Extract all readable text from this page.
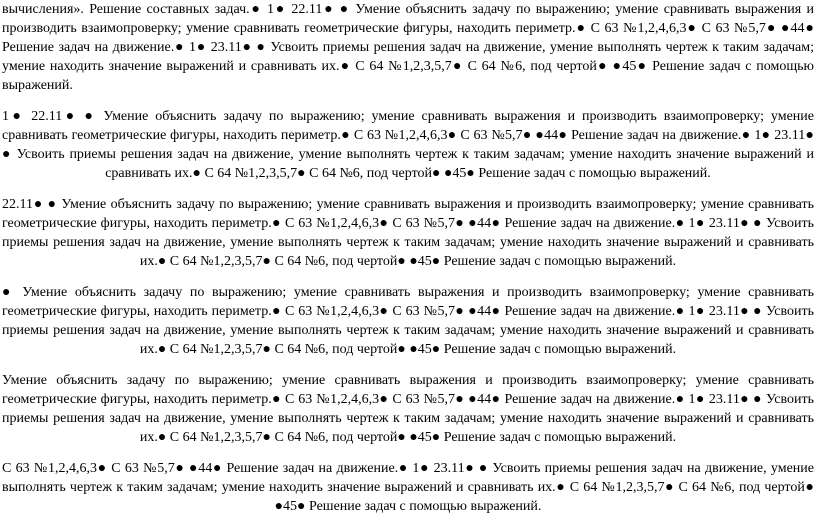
вычисления». Решение составных задач.● 1● 22.11● ● Умение объяснить задачу по выражению; умение сравнивать выражения и производить взаимопроверку; умение сравнивать геометрические фигуры, находить периметр.● С 63 №1,2,4,6,3● С 63 №5,7● ●44● Решение задач на движение.● 1● 23.11● ● Усвоить приемы решения задач на движение, умение выполнять чертеж к таким задачам; умение находить значение выражений и сравнивать их.● С 64 №1,2,3,5,7● С 64 №6, под чертой● ●45● Решение задач с помощью выражений.

1● 22.11● ● Умение объяснить задачу по выражению; умение сравнивать выражения и производить взаимопроверку; умение сравнивать геометрические фигуры, находить периметр.● С 63 №1,2,4,6,3● С 63 №5,7● ●44● Решение задач на движение.● 1● 23.11● ● Усвоить приемы решения задач на движение, умение выполнять чертеж к таким задачам; умение находить значение выражений и сравнивать их.● С 64 №1,2,3,5,7● С 64 №6, под чертой● ●45● Решение задач с помощью выражений.

22.11● ● Умение объяснить задачу по выражению; умение сравнивать выражения и производить взаимопроверку; умение сравнивать геометрические фигуры, находить периметр.● С 63 №1,2,4,6,3● С 63 №5,7● ●44● Решение задач на движение.● 1● 23.11● ● Усвоить приемы решения задач на движение, умение выполнять чертеж к таким задачам; умение находить значение выражений и сравнивать их.● С 64 №1,2,3,5,7● С 64 №6, под чертой● ●45● Решение задач с помощью выражений.

● Умение объяснить задачу по выражению; умение сравнивать выражения и производить взаимопроверку; умение сравнивать геометрические фигуры, находить периметр.● С 63 №1,2,4,6,3● С 63 №5,7● ●44● Решение задач на движение.● 1● 23.11● ● Усвоить приемы решения задач на движение, умение выполнять чертеж к таким задачам; умение находить значение выражений и сравнивать их.● С 64 №1,2,3,5,7● С 64 №6, под чертой● ●45● Решение задач с помощью выражений.

Умение объяснить задачу по выражению; умение сравнивать выражения и производить взаимопроверку; умение сравнивать геометрические фигуры, находить периметр.● С 63 №1,2,4,6,3● С 63 №5,7● ●44● Решение задач на движение.● 1● 23.11● ● Усвоить приемы решения задач на движение, умение выполнять чертеж к таким задачам; умение находить значение выражений и сравнивать их.● С 64 №1,2,3,5,7● С 64 №6, под чертой● ●45● Решение задач с помощью выражений.

С 63 №1,2,4,6,3● С 63 №5,7● ●44● Решение задач на движение.● 1● 23.11● ● Усвоить приемы решения задач на движение, умение выполнять чертеж к таким задачам; умение находить значение выражений и сравнивать их.● С 64 №1,2,3,5,7● С 64 №6, под чертой● ●45● Решение задач с помощью выражений.
